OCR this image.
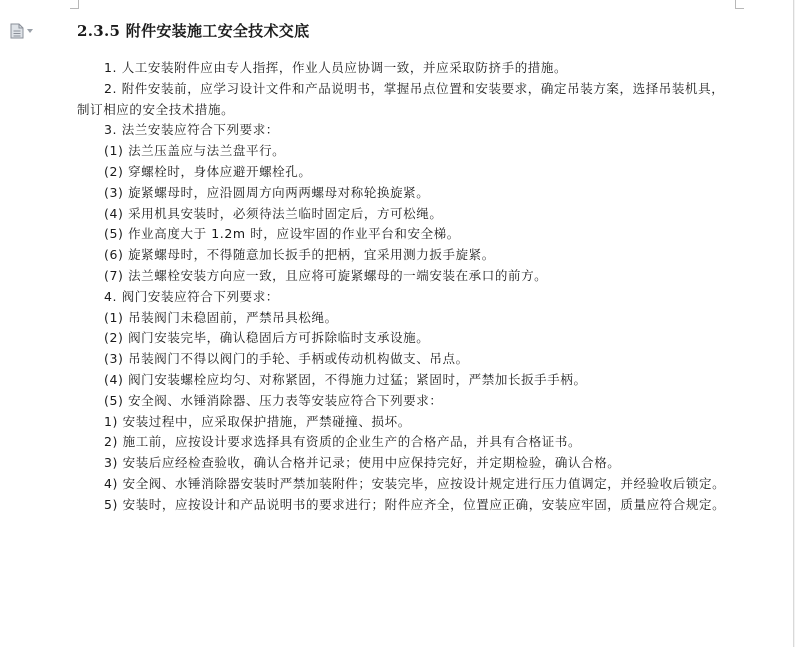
2.3.5 附件安装施工安全技术交底

1. 人工安装附件应由专人指挥，作业人员应协调一致，并应采取防挤手的措施。

2. 附件安装前，应学习设计文件和产品说明书，掌握吊点位置和安装要求，确定吊装方案，选择吊装机具，制订相应的安全技术措施。

3. 法兰安装应符合下列要求：

(1) 法兰压盖应与法兰盘平行。

(2) 穿螺栓时，身体应避开螺栓孔。

(3) 旋紧螺母时，应沿圆周方向两两螺母对称轮换旋紧。

(4) 采用机具安装时，必须待法兰临时固定后，方可松绳。

(5) 作业高度大于 1.2m 时，应设牢固的作业平台和安全梯。

(6) 旋紧螺母时，不得随意加长扳手的把柄，宜采用测力扳手旋紧。

(7) 法兰螺栓安装方向应一致，且应将可旋紧螺母的一端安装在承口的前方。

4. 阀门安装应符合下列要求：

(1) 吊装阀门未稳固前，严禁吊具松绳。

(2) 阀门安装完毕，确认稳固后方可拆除临时支承设施。

(3) 吊装阀门不得以阀门的手轮、手柄或传动机构做支、吊点。

(4) 阀门安装螺栓应均匀、对称紧固，不得施力过猛；紧固时，严禁加长扳手手柄。

(5) 安全阀、水锤消除器、压力表等安装应符合下列要求：

1) 安装过程中，应采取保护措施，严禁碰撞、损坏。

2) 施工前，应按设计要求选择具有资质的企业生产的合格产品，并具有合格证书。

3) 安装后应经检查验收，确认合格并记录；使用中应保持完好，并定期检验，确认合格。

4) 安全阀、水锤消除器安装时严禁加装附件；安装完毕，应按设计规定进行压力值调定，并经验收后锁定。

5) 安装时，应按设计和产品说明书的要求进行；附件应齐全，位置应正确，安装应牢固，质量应符合规定。
